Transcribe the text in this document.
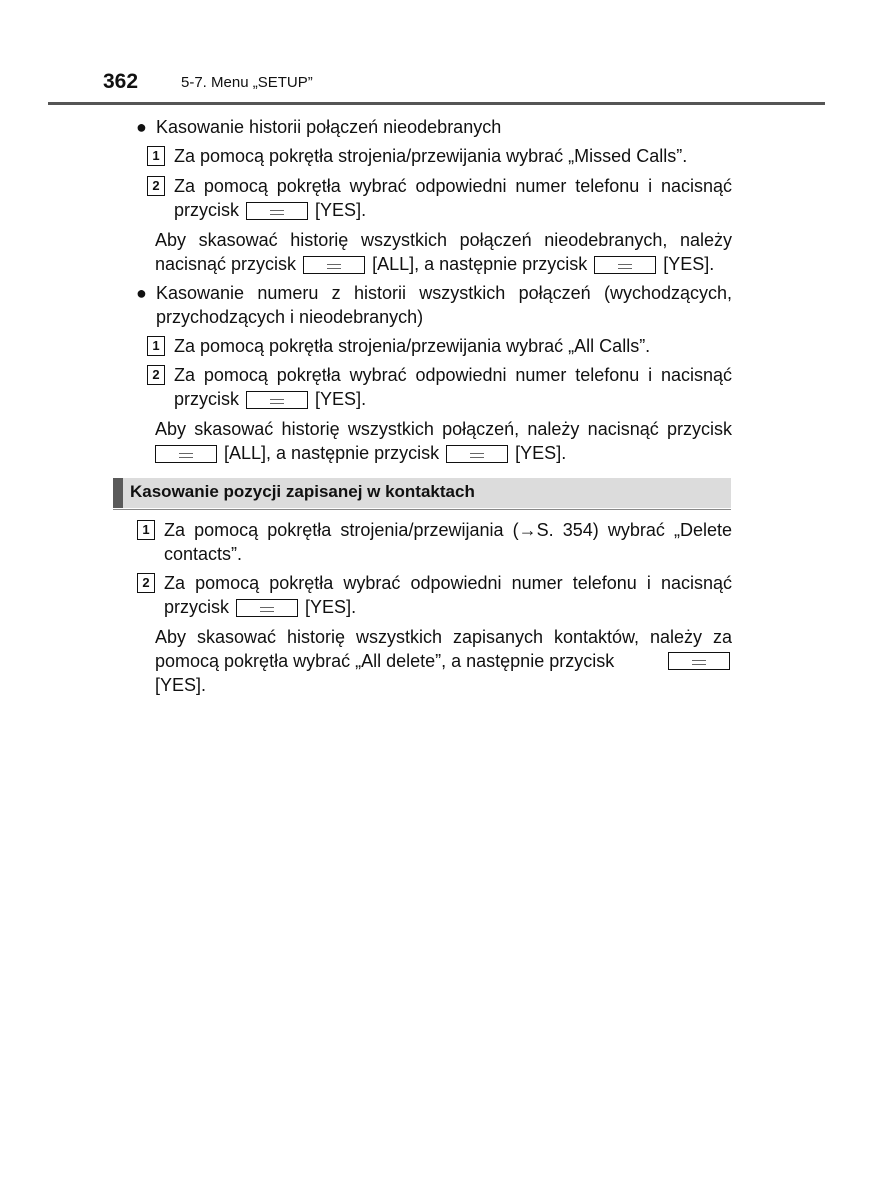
362	5-7. Menu „SETUP”
● Kasowanie historii połączeń nieodebranych
1 Za pomocą pokrętła strojenia/przewijania wybrać „Missed Calls”.
2 Za pomocą pokrętła wybrać odpowiedni numer telefonu i nacisnąć
przycisk	[YES].
Aby skasować historię wszystkich połączeń nieodebranych, należy
nacisnąć przycisk	[ALL], a następnie przycisk	[YES].
● Kasowanie numeru z historii wszystkich połączeń (wychodzących,
przychodzących i nieodebranych)
1 Za pomocą pokrętła strojenia/przewijania wybrać „All Calls”.
2 Za pomocą pokrętła wybrać odpowiedni numer telefonu i nacisnąć
przycisk	[YES].
Aby skasować historię wszystkich połączeń, należy nacisnąć przycisk
[ALL], a następnie przycisk	[YES].
Kasowanie pozycji zapisanej w kontaktach
1 Za pomocą pokrętła strojenia/przewijania (→S. 354) wybrać „Delete
contacts”.
2 Za pomocą pokrętła wybrać odpowiedni numer telefonu i nacisnąć
przycisk	[YES].
Aby skasować historię wszystkich zapisanych kontaktów, należy za
pomocą pokrętła wybrać „All delete”, a następnie przycisk
[YES].
